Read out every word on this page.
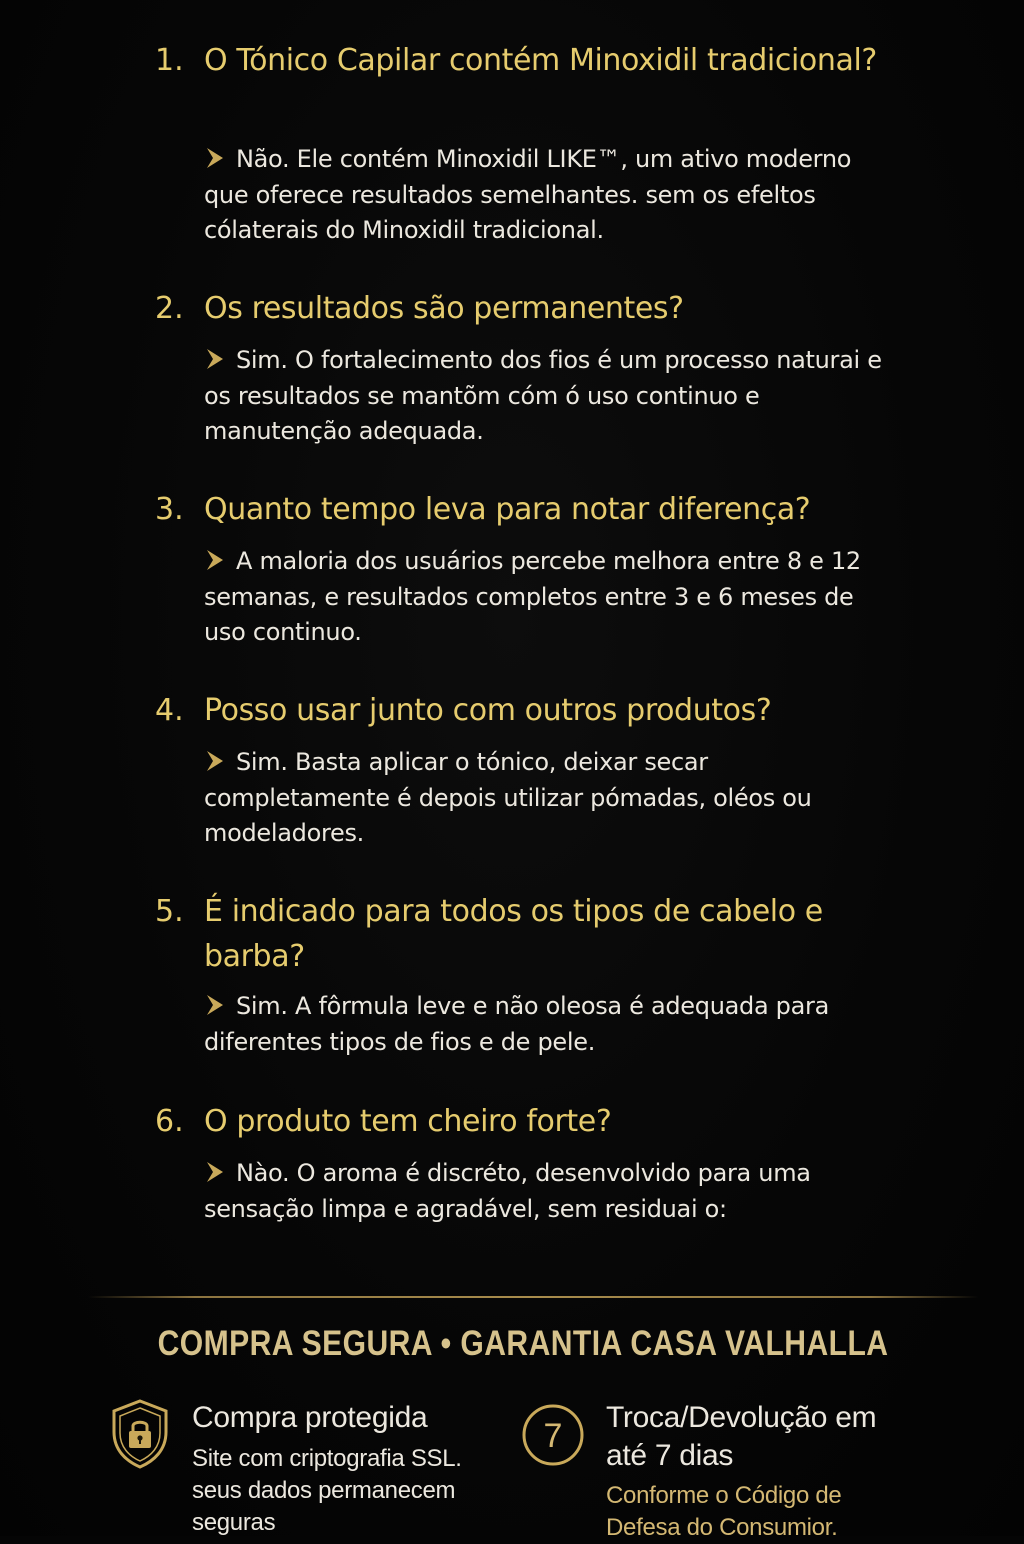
1. O Tónico Capilar contém Minoxidil tradicional?
Não. Ele contém Minoxidil LIKE™, um ativo moderno que oferece resultados semelhantes. sem os efeltos cólaterais do Minoxidil tradicional.
2. Os resultados são permanentes?
Sim. O fortalecimento dos fios é um processo naturai e os resultados se mantõm cóm ó uso continuo e manutenção adequada.
3. Quanto tempo leva para notar diferença?
A maloria dos usuários percebe melhora entre 8 e 12 semanas, e resultados completos entre 3 e 6 meses de uso continuo.
4. Posso usar junto com outros produtos?
Sim. Basta aplicar o tónico, deixar secar completamente é depois utilizar pómadas, oléos ou modeladores.
5. É indicado para todos os tipos de cabelo e barba?
Sim. A fôrmula leve e não oleosa é adequada para diferentes tipos de fios e de pele.
6. O produto tem cheiro forte?
Nào. O aroma é discréto, desenvolvido para uma sensação limpa e agradável, sem residuai o:
COMPRA SEGURA • GARANTIA CASA VALHALLA
Compra protegida
Site com criptografia SSL. seus dados permanecem seguras
7 Troca/Devolução em até 7 dias
Conforme o Código de Defesa do Consumior.
